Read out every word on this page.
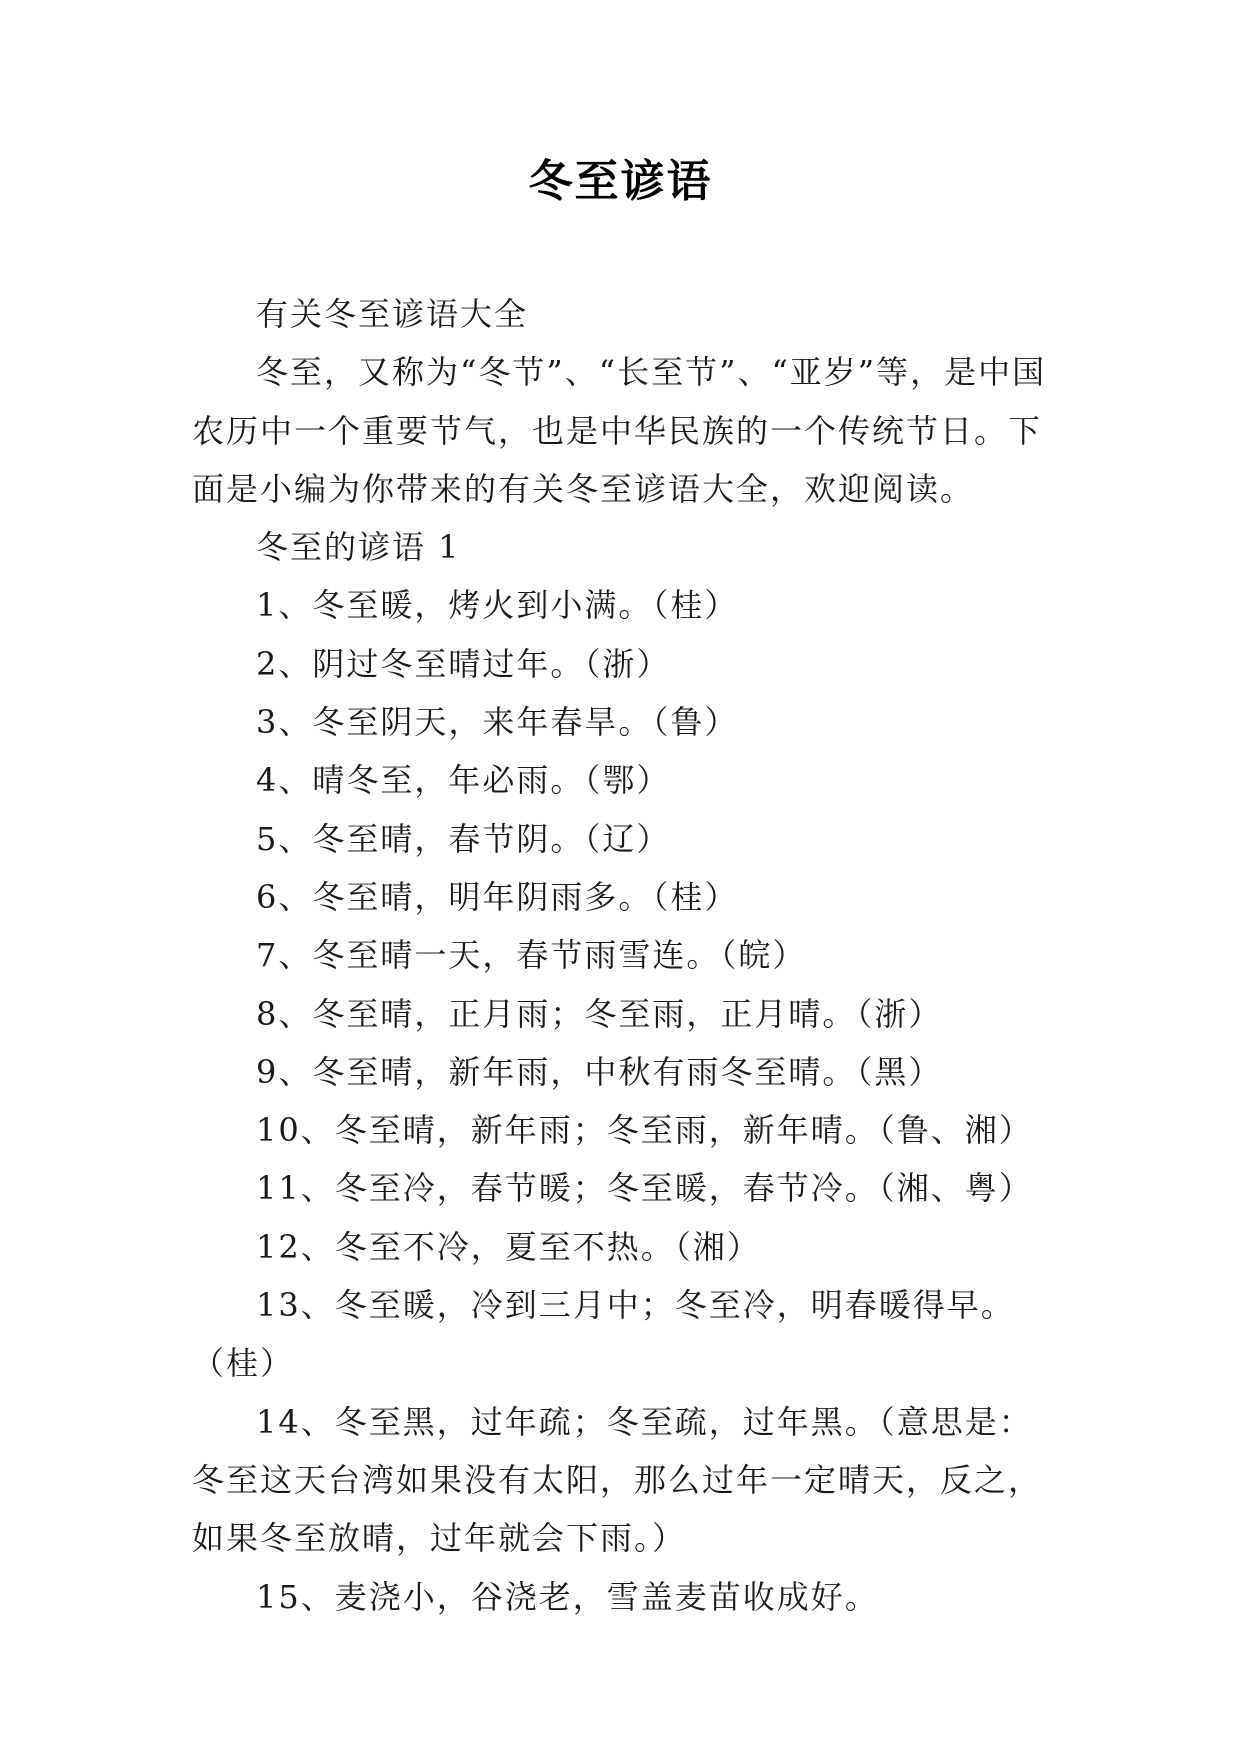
冬至谚语

有关冬至谚语大全

冬至，又称为“冬节”、“长至节”、“亚岁”等，是中国农历中一个重要节气，也是中华民族的一个传统节日。下面是小编为你带来的有关冬至谚语大全，欢迎阅读。

冬至的谚语 1

1、冬至暖，烤火到小满。（桂）

2、阴过冬至晴过年。（浙）

3、冬至阴天，来年春旱。（鲁）

4、晴冬至，年必雨。（鄂）

5、冬至晴，春节阴。（辽）

6、冬至晴，明年阴雨多。（桂）

7、冬至晴一天，春节雨雪连。（皖）

8、冬至晴，正月雨；冬至雨，正月晴。（浙）

9、冬至晴，新年雨，中秋有雨冬至晴。（黑）

10、冬至晴，新年雨；冬至雨，新年晴。（鲁、湘）

11、冬至冷，春节暖；冬至暖，春节冷。（湘、粤）

12、冬至不冷，夏至不热。（湘）

13、冬至暖，冷到三月中；冬至冷，明春暖得早。（桂）

14、冬至黑，过年疏；冬至疏，过年黑。（意思是：冬至这天台湾如果没有太阳，那么过年一定晴天，反之，如果冬至放晴，过年就会下雨。）

15、麦浇小，谷浇老，雪盖麦苗收成好。
